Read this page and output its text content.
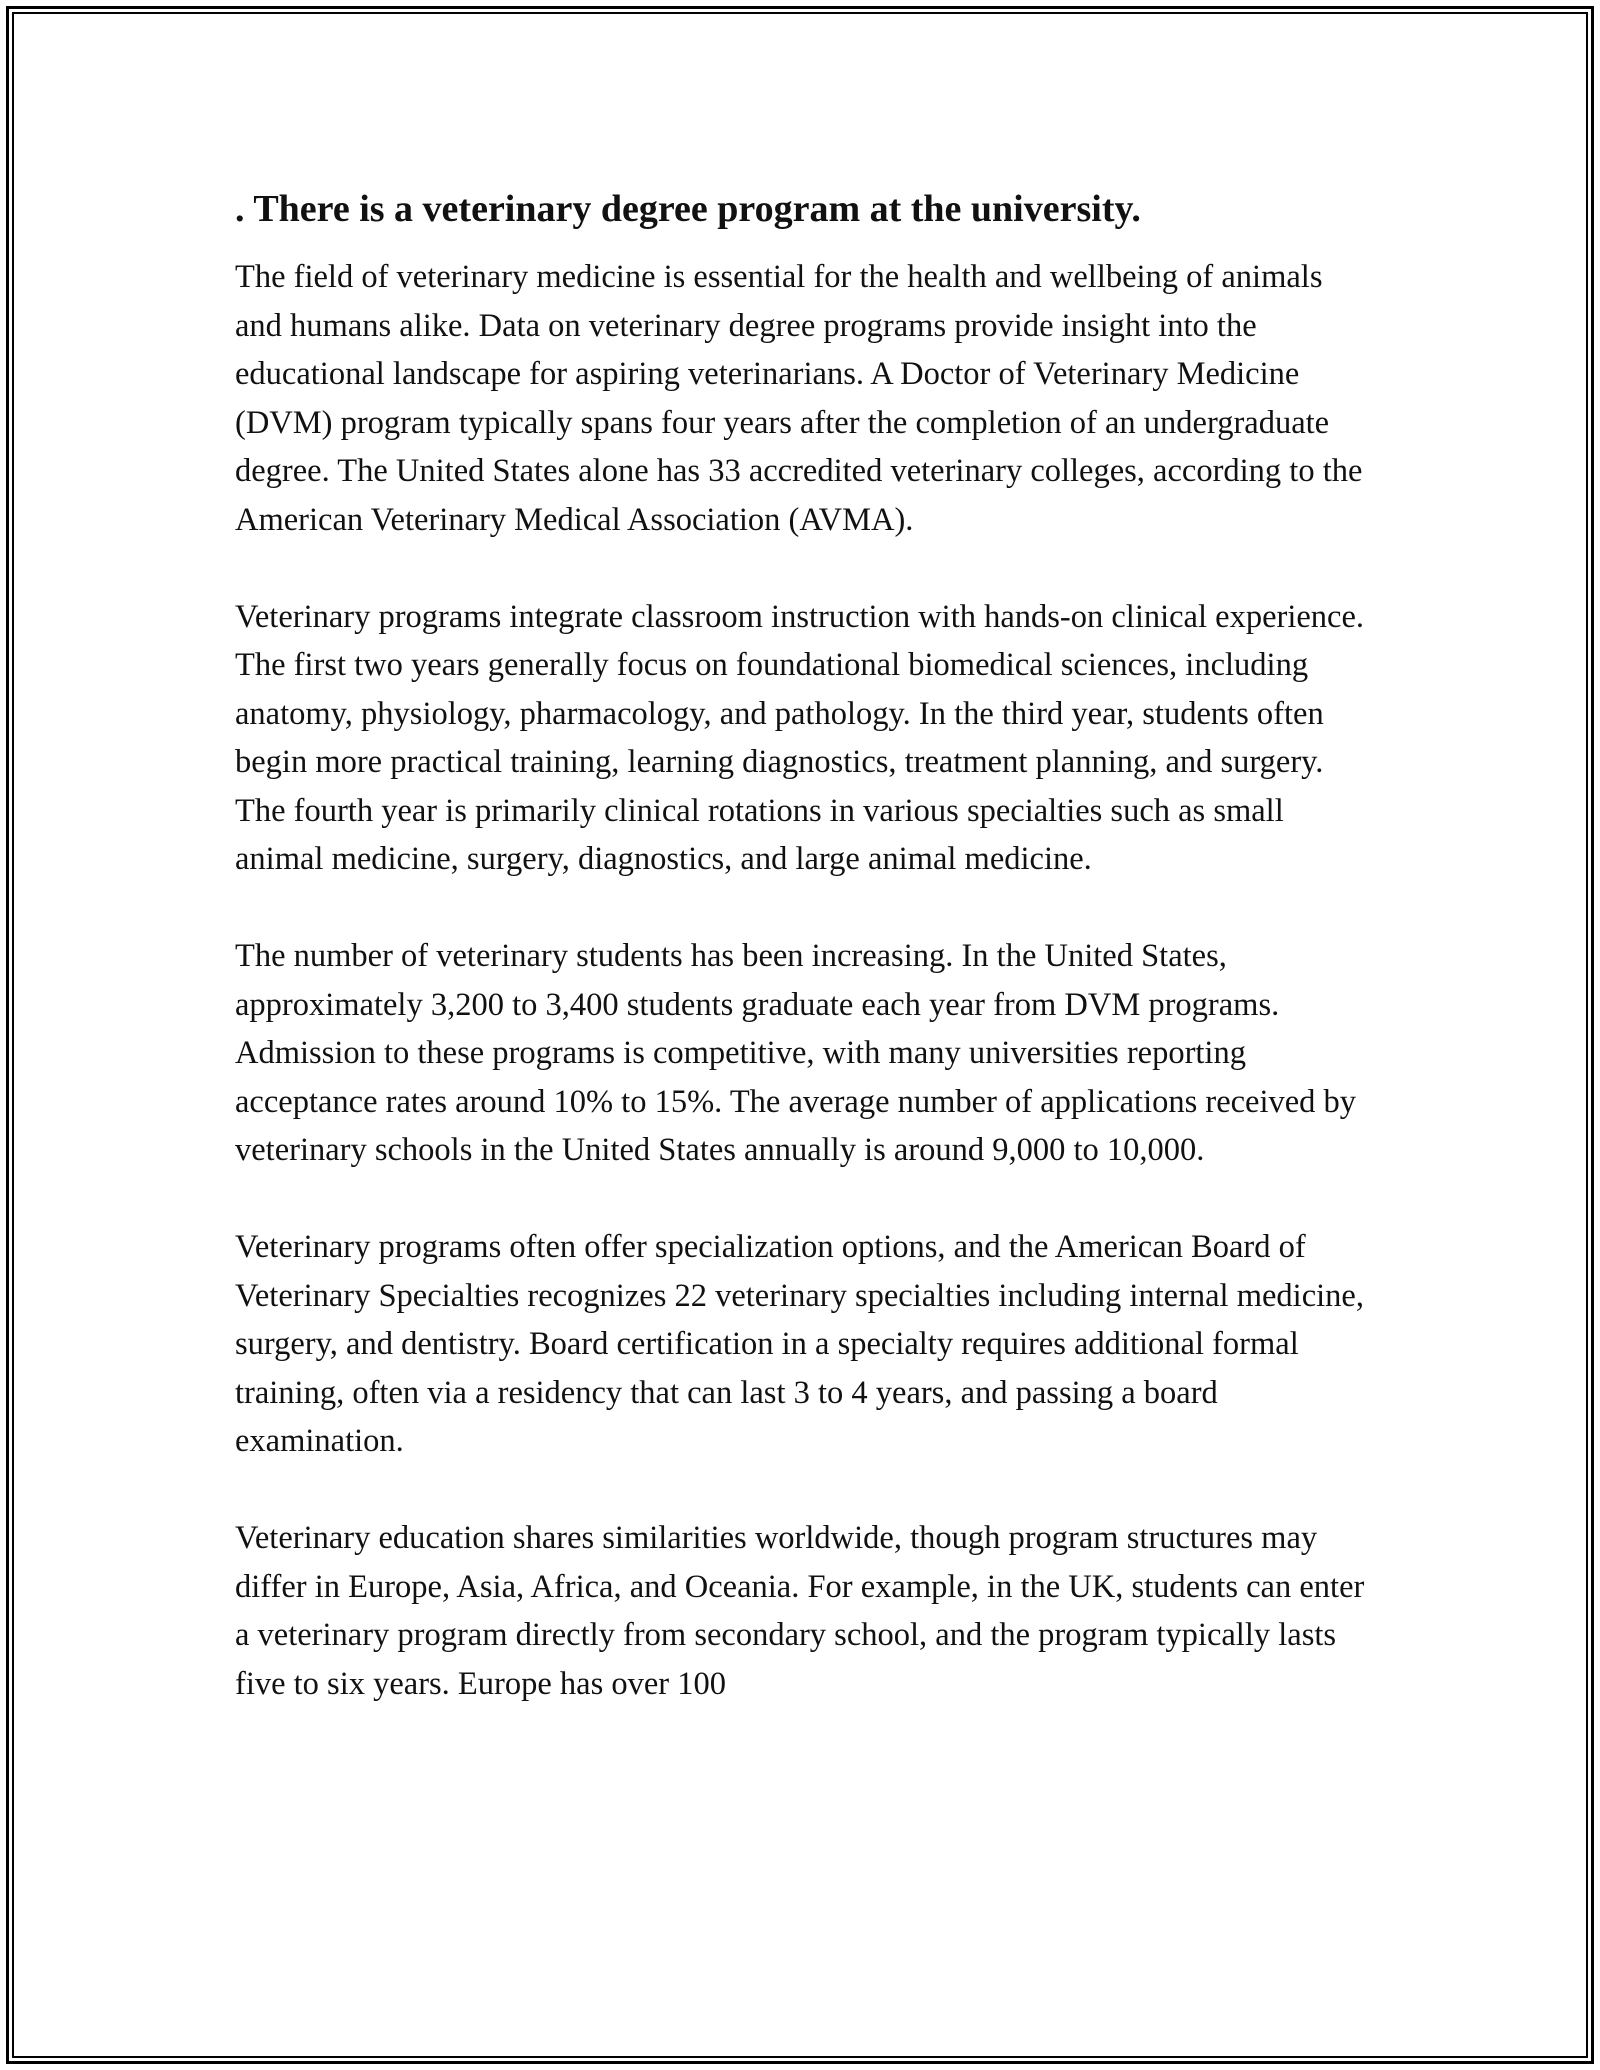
. There is a veterinary degree program at the university.

The field of veterinary medicine is essential for the health and wellbeing of animals and humans alike. Data on veterinary degree programs provide insight into the educational landscape for aspiring veterinarians. A Doctor of Veterinary Medicine (DVM) program typically spans four years after the completion of an undergraduate degree. The United States alone has 33 accredited veterinary colleges, according to the American Veterinary Medical Association (AVMA).

Veterinary programs integrate classroom instruction with hands-on clinical experience. The first two years generally focus on foundational biomedical sciences, including anatomy, physiology, pharmacology, and pathology. In the third year, students often begin more practical training, learning diagnostics, treatment planning, and surgery. The fourth year is primarily clinical rotations in various specialties such as small animal medicine, surgery, diagnostics, and large animal medicine.

The number of veterinary students has been increasing. In the United States, approximately 3,200 to 3,400 students graduate each year from DVM programs. Admission to these programs is competitive, with many universities reporting acceptance rates around 10% to 15%. The average number of applications received by veterinary schools in the United States annually is around 9,000 to 10,000.

Veterinary programs often offer specialization options, and the American Board of Veterinary Specialties recognizes 22 veterinary specialties including internal medicine, surgery, and dentistry. Board certification in a specialty requires additional formal training, often via a residency that can last 3 to 4 years, and passing a board examination.

Veterinary education shares similarities worldwide, though program structures may differ in Europe, Asia, Africa, and Oceania. For example, in the UK, students can enter a veterinary program directly from secondary school, and the program typically lasts five to six years. Europe has over 100
